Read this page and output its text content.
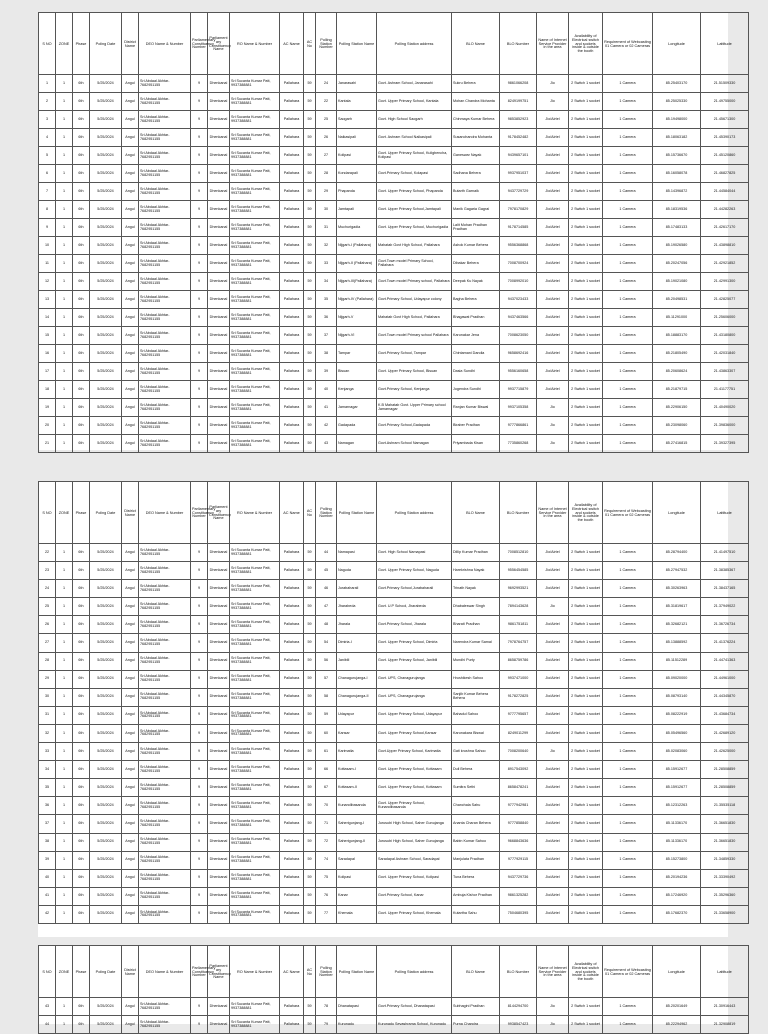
S NO	ZONE	Phase	Poling Date	District Name	DEO Name & Number	Parliamentary Constituency Number	Parliament ary Constituency Name	RO Name & Number	AC Name	AC No	Polling Station Number	Polling Station Name	Polling Station address	BLO Name	BLO Number	Name of Internet Service Provider in the area	Availability of Electrical switch and sockets inside & outside the booth	Requirement of Webcasting 01 Camera or 02 Cameras	Longitude	Lattitude
1	1	6th	5/25/2024	Angul	Sri Abdaal Akhtar-7682951155	9	Dhenkanal	Sri Sucanta Kumar Patt, 9937388881	Pallahara	59	24	Janarasahi	Govt. Ashram School, Janarasahi	Sukru Behera	9861066208	Jio	2 Switch 1 socket	1 Camera	85.25403170	21.51509330
2	1	6th	5/25/2024	Angul	Sri Abdaal Akhtar-7682951155	9	Dhenkanal	Sri Sucanta Kumar Patt, 9937388881	Pallahara	59	22	Kantala	Govt. Upper Primary School, Kantala	Mohan Chandra Mohanta	8249199751	Jio	2 Switch 1 socket	1 Camera	85.25025330	21.49755000
3	1	6th	5/25/2024	Angul	Sri Abdaal Akhtar-7682951155	9	Dhenkanal	Sri Sucanta Kumar Patt, 9937388881	Pallahara	59	25	Saogarh	Govt. High School Saogarh	Chinmaya Kumar Behera	9853852923	Jio/Airtel	2 Switch 1 socket	1 Camera	85.19498000	21.45671300
4	1	6th	5/25/2024	Angul	Sri Abdaal Akhtar-7682951155	9	Dhenkanal	Sri Sucanta Kumar Patt, 9937388881	Pallahara	59	26	Naikasipali	Govt. Ashram School Naikasipali	Susanchandra Mohanta	9178452482	Jio/Airtel	2 Switch 1 socket	1 Camera	85.18063182	21.45390173
5	1	6th	5/25/2024	Angul	Sri Abdaal Akhtar-7682951155	9	Dhenkanal	Sri Sucanta Kumar Patt, 9937388881	Pallahara	59	27	Kolipasi	Govt. Upper Primary School, Kuligbencha, Kolipasi	Ganeswar Nayak	9439657101	Jio/Airtel	2 Switch 1 socket	1 Camera	85.15736670	21.45120860
6	1	6th	5/25/2024	Angul	Sri Abdaal Akhtar-7682951155	9	Dhenkanal	Sri Sucanta Kumar Patt, 9937388881	Pallahara	59	28	Kondarapali	Govt.Primary School, Kolapasi	Sadhana Behera	9937951037	Jio/Airtel	2 Switch 1 socket	1 Camera	85.16058078	21.46827825
7	1	6th	5/25/2024	Angul	Sri Abdaal Akhtar-7682951155	9	Dhenkanal	Sri Sucanta Kumar Patt, 9937388881	Pallahara	59	29	Phapanda	Govt. Upper Primary School, Phapanda	Butarth Garnaik	9437729729	Jio/Airtel	2 Switch 1 socket	1 Camera	85.14396872	21.44584044
8	1	6th	5/25/2024	Angul	Sri Abdaal Akhtar-7682951155	9	Dhenkanal	Sri Sucanta Kumar Patt, 9937388881	Pallahara	59	30	Jamtapali	Govt. Upper Primary School,Jamtapali	Manik Gagaria Gagrai	7978170829	Jio/Airtel	2 Switch 1 socket	1 Camera	85.18319536	21.44282263
9	1	6th	5/25/2024	Angul	Sri Abdaal Akhtar-7682951155	9	Dhenkanal	Sri Sucanta Kumar Patt, 9937388881	Pallahara	59	31	Muchurigadia	Govt. Upper Primary School, Muchurigadia	Lalit Mohan Pradhan Pradhan	9178714585	Jio/Airtel	2 Switch 1 socket	1 Camera	85.17483133	21.42617170
10	1	6th	5/25/2024	Angul	Sri Abdaal Akhtar-7682951155	9	Dhenkanal	Sri Sucanta Kumar Patt, 9937388881	Pallahara	59	32	Nijgarh-I (Pallahara)	Mahatab Govt High School, Pallahara	Ashok Kumar Behera	9556368868	Jio/Airtel	2 Switch 1 socket	1 Camera	85.19026580	21.43898810
11	1	6th	5/25/2024	Angul	Sri Abdaal Akhtar-7682951155	9	Dhenkanal	Sri Sucanta Kumar Patt, 9937388881	Pallahara	59	33	Nijgarh-II (Pallahara)	Govt.Town model Primary School, Pallahara	Dibakar Behera	7008700924	Jio/Airtel	2 Switch 1 socket	1 Camera	85.20247056	21.42921852
12	1	6th	5/25/2024	Angul	Sri Abdaal Akhtar-7682951155	9	Dhenkanal	Sri Sucanta Kumar Patt, 9937388881	Pallahara	59	34	Nijgarh-III(Pallahara)	Govt.Town model Primary school, Pallahara	Deepak Ku Nayak	7008992010	Jio/Airtel	2 Switch 1 socket	1 Camera	85.19021080	21.42991300
13	1	6th	5/25/2024	Angul	Sri Abdaal Akhtar-7682951155	9	Dhenkanal	Sri Sucanta Kumar Patt, 9937388881	Pallahara	59	35	Nijgarh-IV (Pallahara)	Govt.Primary School, Udayapur colony	Bagha Behera	9437023433	Jio/Airtel	2 Switch 1 socket	1 Camera	85.20498531	21.42825077
14	1	6th	5/25/2024	Angul	Sri Abdaal Akhtar-7682951155	9	Dhenkanal	Sri Sucanta Kumar Patt, 9937388881	Pallahara	59	36	Nijgarh-V	Mahatab Govt High School, Pallahara	Bhagawat Pradhan	9437463566	Jio/Airtel	2 Switch 1 socket	1 Camera	85.11291000	21.25606000
15	1	6th	5/25/2024	Angul	Sri Abdaal Akhtar-7682951155	9	Dhenkanal	Sri Sucanta Kumar Patt, 9937388881	Pallahara	59	37	Nijgarh-VI	Govt.Town model Primary school Pallahara	Karunakar Jena	7008623050	Jio/Airtel	2 Switch 1 socket	1 Camera	85.18883170	21.43180800
16	1	6th	5/25/2024	Angul	Sri Abdaal Akhtar-7682951155	9	Dhenkanal	Sri Sucanta Kumar Patt, 9937388881	Pallahara	59	38	Tampar	Govt.Primary School, Tampar	Chintamani Dandia	9658692416	Jio/Airtel	2 Switch 1 socket	1 Camera	85.21805490	21.42031840
17	1	6th	5/25/2024	Angul	Sri Abdaal Akhtar-7682951155	9	Dhenkanal	Sri Sucanta Kumar Patt, 9937388881	Pallahara	59	39	Bisuan	Govt. Upper Primary School, Bisuan	Dasia Sundhi	9556160658	Jio/Airtel	2 Switch 1 socket	1 Camera	85.20608624	21.43863307
18	1	6th	5/25/2024	Angul	Sri Abdaal Akhtar-7682951155	9	Dhenkanal	Sri Sucanta Kumar Patt, 9937388881	Pallahara	59	40	Kenjanga	Govt.Primary School, Kenjanga	Jogendra Sundhi	9937715879	Jio/Airtel	2 Switch 1 socket	1 Camera	85.21879715	21.41177751
19	1	6th	5/25/2024	Angul	Sri Abdaal Akhtar-7682951155	9	Dhenkanal	Sri Sucanta Kumar Patt, 9937388881	Pallahara	59	41	Jamarnagar	K.B Mahatab Govt. Upper Primary school Jamarnagar	Ranjan Kumar Biswal	9937105358	Jio	2 Switch 1 socket	1 Camera	85.22906150	21.40490020
20	1	6th	5/25/2024	Angul	Sri Abdaal Akhtar-7682951155	9	Dhenkanal	Sri Sucanta Kumar Patt, 9937388881	Pallahara	59	42	Gadapada	Govt.Primary School,Gadapada	Biraber Pradhan	9777866861	Jio	2 Switch 1 socket	1 Camera	85.23098060	21.39836000
21	1	6th	5/25/2024	Angul	Sri Abdaal Akhtar-7682951155	9	Dhenkanal	Sri Sucanta Kumar Patt, 9937388881	Pallahara	59	43	Namagan	Govt.Ashram School Namagan	Priyambada Kisan	7735860268	Jio	2 Switch 1 socket	1 Camera	85.27416815	21.39327395
S NO	ZONE	Phase	Poling Date	District Name	DEO Name & Number	Parliamentary Constituency Number	Parliament ary Constituency Name	RO Name & Number	AC Name	AC No	Polling Station Number	Polling Station Name	Polling Station address	BLO Name	BLO Number	Name of Internet Service Provider in the area	Availability of Electrical switch and sockets inside & outside the booth	Requirement of Webcasting 01 Camera or 02 Cameras	Longitude	Lattitude
22	1	6th	5/25/2024	Angul	Sri Abdaal Akhtar-7682951155	9	Dhenkanal	Sri Sucanta Kumar Patt, 9937388881	Pallahara	59	44	Namapasi	Govt. High School Namapasi	Dillip Kumar Pradhan	7008512810	Jio/Airtel	2 Switch 1 socket	1 Camera	85.28794400	21.41497510
23	1	6th	5/25/2024	Angul	Sri Abdaal Akhtar-7682951155	9	Dhenkanal	Sri Sucanta Kumar Patt, 9937388881	Pallahara	59	45	Naguda	Govt. Upper Primary School, Naguda	Harekrishna Nayak	9556454585	Jio/Airtel	2 Switch 1 socket	1 Camera	85.27947532	21.38385367
24	1	6th	5/25/2024	Angul	Sri Abdaal Akhtar-7682951155	9	Dhenkanal	Sri Sucanta Kumar Patt, 9937388881	Pallahara	59	46	Jurabaharali	Govt.Primary School,Jurabaharali	Trinath Nayak	9692993521	Jio/Airtel	2 Switch 1 socket	1 Camera	85.30263963	21.38437165
25	1	6th	5/25/2024	Angul	Sri Abdaal Akhtar-7682951155	9	Dhenkanal	Sri Sucanta Kumar Patt, 9937388881	Pallahara	59	47	Jharabeda	Govt. U.P School, Jharabeda	Dhabaleswar Singh	7894143628	Jio	2 Switch 1 socket	1 Camera	85.31819617	21.37949022
26	1	6th	5/25/2024	Angul	Sri Abdaal Akhtar-7682951155	9	Dhenkanal	Sri Sucanta Kumar Patt, 9937388881	Pallahara	59	48	Jharala	Govt.Primary School, Jharala	Bharati Pradhan	9861751811	Jio/Airtel	2 Switch 1 socket	1 Camera	85.32682121	21.36726734
27	1	6th	5/25/2024	Angul	Sri Abdaal Akhtar-7682951155	9	Dhenkanal	Sri Sucanta Kumar Patt, 9937388881	Pallahara	59	54	Dimiria-I	Govt. Upper Primary School, Dimiria	Narendra Kumar Samal	7978764757	Jio/Airtel	2 Switch 1 socket	1 Camera	85.13888592	21.41376224
28	1	6th	5/25/2024	Angul	Sri Abdaal Akhtar-7682951155	9	Dhenkanal	Sri Sucanta Kumar Patt, 9937388881	Pallahara	59	56	Janibili	Govt. Upper Primary School, Janibili	Mundhi Purty	8658759786	Jio/Airtel	2 Switch 1 socket	1 Camera	85.11512289	21.44741363
29	1	6th	5/25/2024	Angul	Sri Abdaal Akhtar-7682951155	9	Dhenkanal	Sri Sucanta Kumar Patt, 9937388881	Pallahara	59	57	Chanagurujanga-I	Govt. UPS, Chanagurujanga	Hrushikesh Sahoo	9937471000	Jio/Airtel	2 Switch 1 socket	1 Camera	85.09020000	21.44961000
30	1	6th	5/25/2024	Angul	Sri Abdaal Akhtar-7682951155	9	Dhenkanal	Sri Sucanta Kumar Patt, 9937388881	Pallahara	59	58	Chanagurujanga-II	Govt. UPS, Chanagurujanga	Sanjib Kumar Behera Behera	9178272825	Jio/Airtel	2 Switch 1 socket	1 Camera	85.08793140	21.44345870
31	1	6th	5/25/2024	Angul	Sri Abdaal Akhtar-7682951155	9	Dhenkanal	Sri Sucanta Kumar Patt, 9937388881	Pallahara	59	59	Udayapur	Govt. Upper Primary School, Udayapur	Bahadul Sahoo	9777795657	Jio/Airtel	2 Switch 1 socket	1 Camera	85.08222919	21.43684734
32	1	6th	5/25/2024	Angul	Sri Abdaal Akhtar-7682951155	9	Dhenkanal	Sri Sucanta Kumar Patt, 9937388881	Pallahara	59	60	Kansar	Govt. Upper Primary School,Kansar	Karunakara Biswal	8249011299	Jio/Airtel	2 Switch 1 socket	1 Camera	85.05496560	21.42689120
33	1	6th	5/25/2024	Angul	Sri Abdaal Akhtar-7682951155	9	Dhenkanal	Sri Sucanta Kumar Patt, 9937388881	Pallahara	59	61	Karimatia	Govt.Upper Primary School, Karimatia	Gati krushna Sahoo	7008200640	Jio	2 Switch 1 socket	1 Camera	85.02083060	21.42625000
34	1	6th	5/25/2024	Angul	Sri Abdaal Akhtar-7682951155	9	Dhenkanal	Sri Sucanta Kumar Patt, 9937388881	Pallahara	59	66	Kottasam-I	Govt. Upper Primary School, Kottasam	Duli Behera	8917543092	Jio/Airtel	2 Switch 1 socket	1 Camera	85.15912677	21.28508859
35	1	6th	5/25/2024	Angul	Sri Abdaal Akhtar-7682951155	9	Dhenkanal	Sri Sucanta Kumar Patt, 9937388881	Pallahara	59	67	Kottasam-II	Govt. Upper Primary School, Kottasam	Sumitra Sethi	8658478241	Jio/Airtel	2 Switch 1 socket	1 Camera	85.15912677	21.28508859
36	1	6th	5/25/2024	Angul	Sri Abdaal Akhtar-7682951155	9	Dhenkanal	Sri Sucanta Kumar Patt, 9937388881	Pallahara	59	70	Kunandibasanda	Govt. Upper Primary School, Kunandibasanda	Chanchala Sahu	9777942981	Jio/Airtel	2 Switch 1 socket	1 Camera	85.12312263	21.35535118
37	1	6th	5/25/2024	Angul	Sri Abdaal Akhtar-7682951155	9	Dhenkanal	Sri Sucanta Kumar Patt, 9937388881	Pallahara	59	71	Saherigunjang-I	Jurusubi High School, Saher Gunujanga	Ananta Charan Behera	9777858840	Jio/Airtel	2 Switch 1 socket	1 Camera	85.11336170	21.36651830
38	1	6th	5/25/2024	Angul	Sri Abdaal Akhtar-7682951155	9	Dhenkanal	Sri Sucanta Kumar Patt, 9937388881	Pallahara	59	72	Saherigunjang-II	Jurusubi High School, Saher Gunujanga	Babin Kumar Sahoo	9668843636	Jio/Airtel	2 Switch 1 socket	1 Camera	85.11336170	21.36651830
39	1	6th	5/25/2024	Angul	Sri Abdaal Akhtar-7682951155	9	Dhenkanal	Sri Sucanta Kumar Patt, 9937388881	Pallahara	59	74	Saradapal	Saradapal Ashram School, Saradapal	Manjulata Pradhan	9777929115	Jio/Airtel	2 Switch 1 socket	1 Camera	85.15273800	21.34859330
40	1	6th	5/25/2024	Angul	Sri Abdaal Akhtar-7682951155	9	Dhenkanal	Sri Sucanta Kumar Patt, 9937388881	Pallahara	59	75	Kolipasi	Govt. Upper Primary School, Kolipasi	Tuna Behera	9437729736	Jio/Airtel	2 Switch 1 socket	1 Camera	85.20194236	21.33390492
41	1	6th	5/25/2024	Angul	Sri Abdaal Akhtar-7682951155	9	Dhenkanal	Sri Sucanta Kumar Patt, 9937388881	Pallahara	59	76	Kanar	Govt.Primary School, Kanar	Ambuja Kishor Pradhan	9861325282	Jio/Airtel	2 Switch 1 socket	1 Camera	85.17246920	21.35296360
42	1	6th	5/25/2024	Angul	Sri Abdaal Akhtar-7682951155	9	Dhenkanal	Sri Sucanta Kumar Patt, 9937388881	Pallahara	59	77	Khemala	Govt. Upper Primary School, Khemala	Kutartha Sahu	7504680395	Jio/Airtel	2 Switch 1 socket	1 Camera	85.17682370	21.33658900
S NO	ZONE	Phase	Poling Date	District Name	DEO Name & Number	Parliamentary Constituency Number	Parliament ary Constituency Name	RO Name & Number	AC Name	AC No	Polling Station Number	Polling Station Name	Polling Station address	BLO Name	BLO Number	Name of Internet Service Provider in the area	Availability of Electrical switch and sockets inside & outside the booth	Requirement of Webcasting 01 Camera or 02 Cameras	Longitude	Lattitude
43	1	6th	5/25/2024	Angul	Sri Abdaal Akhtar-7682951155	9	Dhenkanal	Sri Sucanta Kumar Patt, 9937388881	Pallahara	59	78	Dhanatapasi	Govt.Primary School, Dhanatapasi	Subhagini Pradhan	8144294700	Jio	2 Switch 1 socket	1 Camera	85.20201649	21.30916443
44	1	6th	5/25/2024	Angul	Sri Abdaal Akhtar-7682951155	9	Dhenkanal	Sri Sucanta Kumar Patt, 9937388881	Pallahara	59	79	Kurunadu	Kurunadu Sevashrama School, Kurunadu	Purna Chandra	9938547423	Jio	2 Switch 1 socket	1 Camera	85.22294962	21.32908819
